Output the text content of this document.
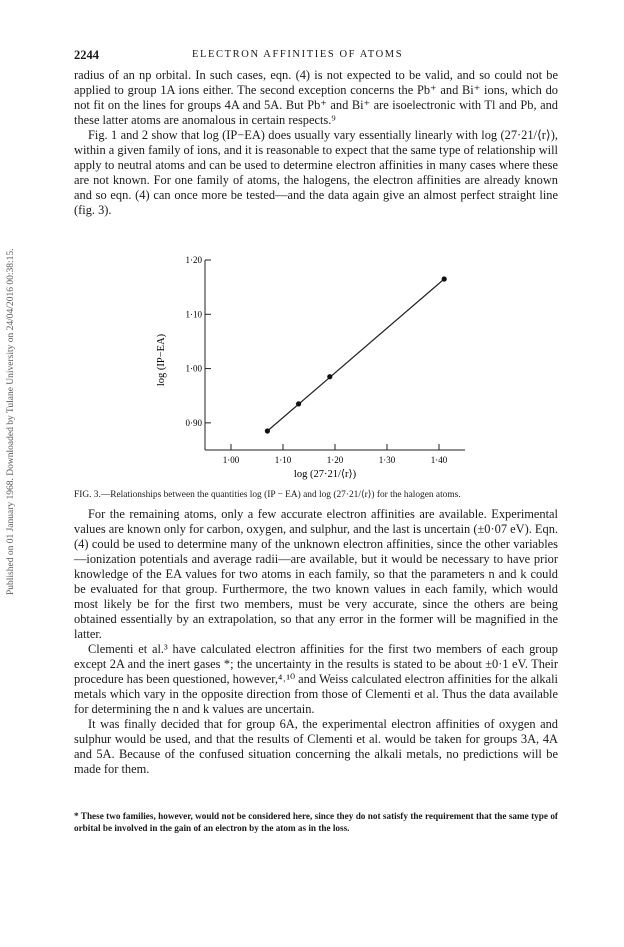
Published on 01 January 1968. Downloaded by Tulane University on 24/04/2016 00:38:15.
2244	ELECTRON AFFINITIES OF ATOMS

radius of an np orbital. In such cases, eqn. (4) is not expected to be valid, and so could not be applied to group 1A ions either. The second exception concerns the Pb⁺ and Bi⁺ ions, which do not fit on the lines for groups 4A and 5A. But Pb⁺ and Bi⁺ are isoelectronic with Tl and Pb, and these latter atoms are anomalous in certain respects.⁹

Fig. 1 and 2 show that log (IP−EA) does usually vary essentially linearly with log (27·21/⟨r⟩), within a given family of ions, and it is reasonable to expect that the same type of relationship will apply to neutral atoms and can be used to determine electron affinities in many cases where these are not known. For one family of atoms, the halogens, the electron affinities are already known and so eqn. (4) can once more be tested—and the data again give an almost perfect straight line (fig. 3).

0·90
1·00
1·10
1·20
1·00	1·10	1·20	1·30	1·40
log (27·21/⟨r⟩)
log (IP−EA)
FIG. 3.—Relationships between the quantities log (IP − EA) and log (27·21/⟨r⟩) for the halogen atoms.

For the remaining atoms, only a few accurate electron affinities are available. Experimental values are known only for carbon, oxygen, and sulphur, and the last is uncertain (±0·07 eV). Eqn. (4) could be used to determine many of the unknown electron affinities, since the other variables—ionization potentials and average radii—are available, but it would be necessary to have prior knowledge of the EA values for two atoms in each family, so that the parameters n and k could be evaluated for that group. Furthermore, the two known values in each family, which would most likely be for the first two members, must be very accurate, since the others are being obtained essentially by an extrapolation, so that any error in the former will be magnified in the latter.

Clementi et al.³ have calculated electron affinities for the first two members of each group except 2A and the inert gases *; the uncertainty in the results is stated to be about ±0·1 eV. Their procedure has been questioned, however,⁴˒¹⁰ and Weiss calculated electron affinities for the alkali metals which vary in the opposite direction from those of Clementi et al. Thus the data available for determining the n and k values are uncertain.

It was finally decided that for group 6A, the experimental electron affinities of oxygen and sulphur would be used, and that the results of Clementi et al. would be taken for groups 3A, 4A and 5A. Because of the confused situation concerning the alkali metals, no predictions will be made for them.

* These two families, however, would not be considered here, since they do not satisfy the requirement that the same type of orbital be involved in the gain of an electron by the atom as in the loss.
